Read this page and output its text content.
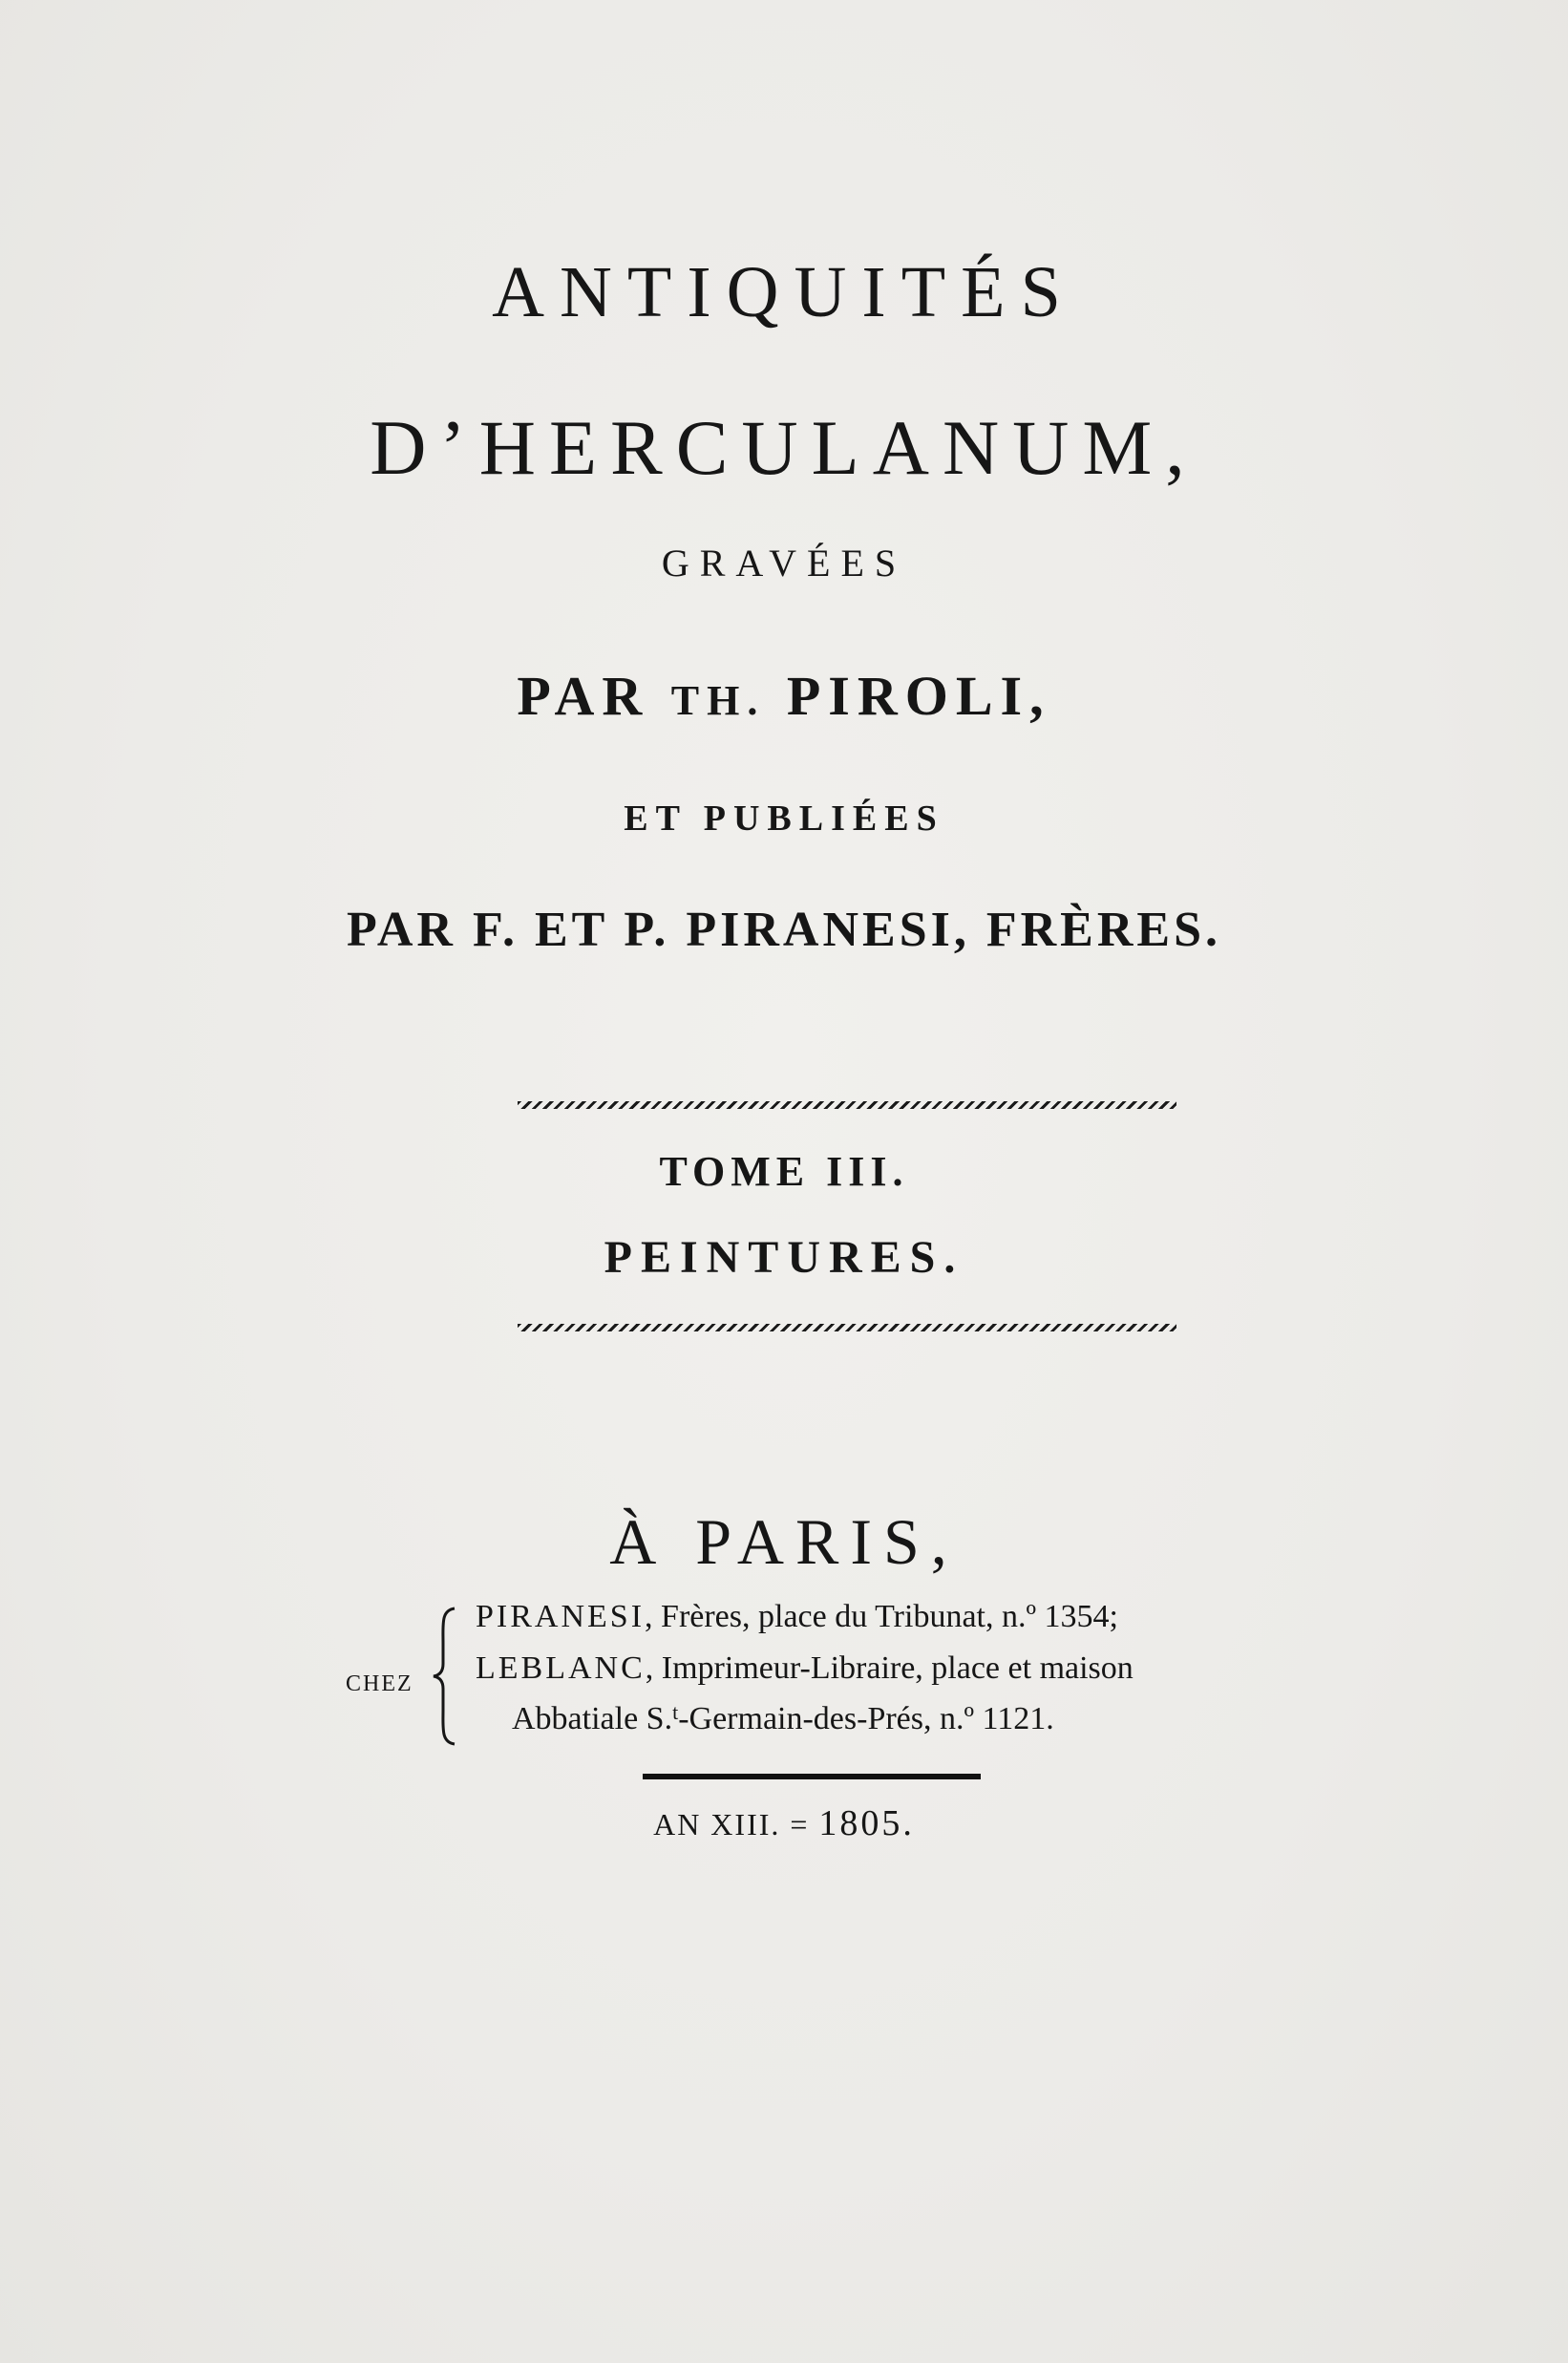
ANTIQUITÉS
D’HERCULANUM,
GRAVÉES
PAR TH. PIROLI,
ET PUBLIÉES
PAR F. ET P. PIRANESI, FRÈRES.
TOME III.
PEINTURES.
À PARIS,
CHEZ
PIRANESI, Frères, place du Tribunat, n.º 1354;
LEBLANC, Imprimeur-Libraire, place et maison
Abbatiale S.$^t$-Germain-des-Prés, n.º 1121.
AN XIII. = 1805.
